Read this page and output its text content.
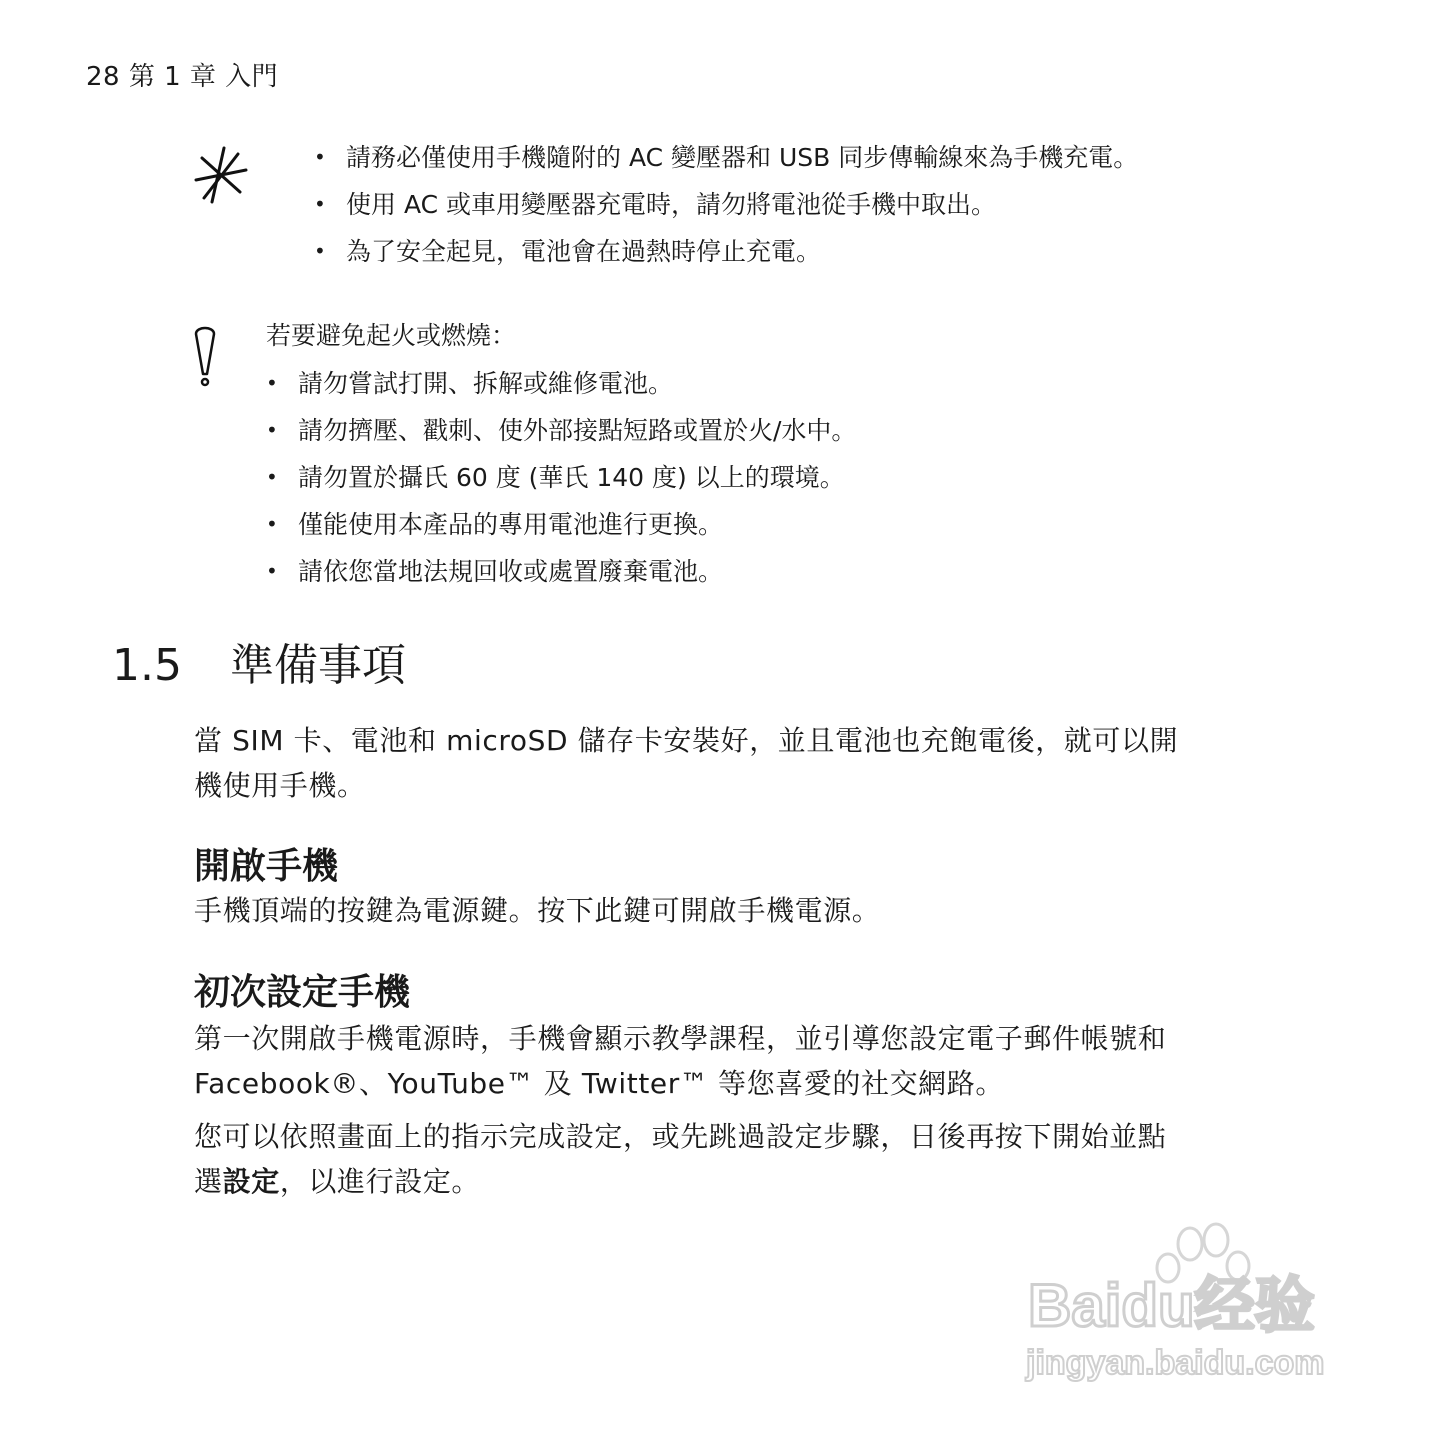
28 第 1 章 入門
• 請務必僅使用手機隨附的 AC 變壓器和 USB 同步傳輸線來為手機充電。
• 使用 AC 或車用變壓器充電時，請勿將電池從手機中取出。
• 為了安全起見，電池會在過熱時停止充電。
若要避免起火或燃燒：
• 請勿嘗試打開、拆解或維修電池。
• 請勿擠壓、戳刺、使外部接點短路或置於火/水中。
• 請勿置於攝氏 60 度 (華氏 140 度) 以上的環境。
• 僅能使用本產品的專用電池進行更換。
• 請依您當地法規回收或處置廢棄電池。
1.5 準備事項
當 SIM 卡、電池和 microSD 儲存卡安裝好，並且電池也充飽電後，就可以開
機使用手機。
開啟手機
手機頂端的按鍵為電源鍵。按下此鍵可開啟手機電源。
初次設定手機
第一次開啟手機電源時，手機會顯示教學課程，並引導您設定電子郵件帳號和
Facebook®、YouTube™ 及 Twitter™ 等您喜愛的社交網路。
您可以依照畫面上的指示完成設定，或先跳過設定步驟，日後再按下開始並點
選設定，以進行設定。
Baidu经验
jingyan.baidu.com
